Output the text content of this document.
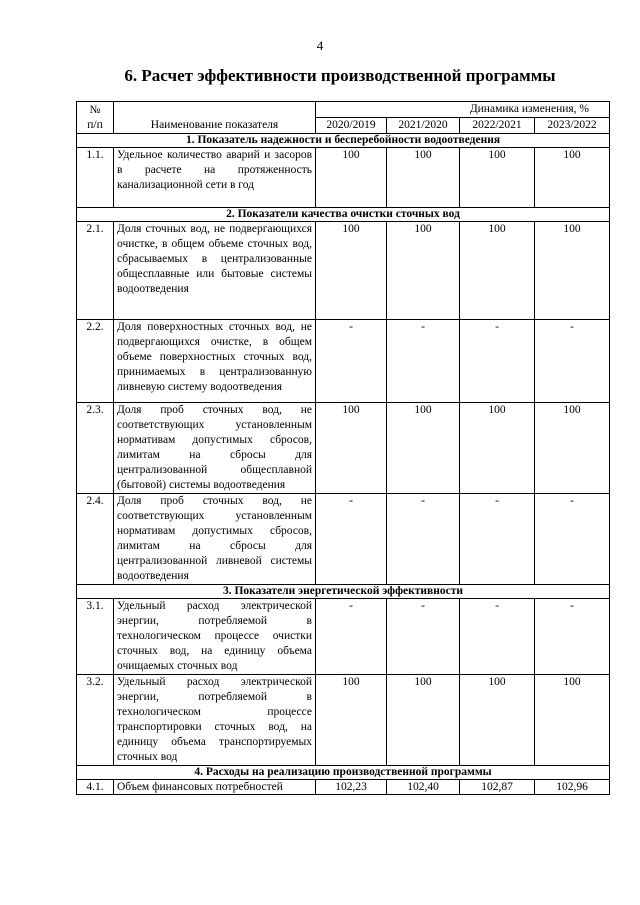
4
6. Расчет эффективности производственной программы
№
п/п	Наименование показателя	Динамика изменения, %			
		2020/2019	2021/2020	2022/2021	2023/2022
1. Показатель надежности и бесперебойности водоотведения					
1.1.	Удельное количество аварий и засоров в расчете на протяженность канализационной сети в год	100	100	100	100
2. Показатели качества очистки сточных вод					
2.1.	Доля сточных вод, не подвергающихся очистке, в общем объеме сточных вод, сбрасываемых в централизованные общесплавные или бытовые системы водоотведения	100	100	100	100
2.2.	Доля поверхностных сточных вод, не подвергающихся очистке, в общем объеме поверхностных сточных вод, принимаемых в централизованную ливневую систему водоотведения	-	-	-	-
2.3.	Доля проб сточных вод, не соответствующих установленным нормативам допустимых сбросов, лимитам на сбросы для централизованной общесплавной (бытовой) системы водоотведения	100	100	100	100
2.4.	Доля проб сточных вод, не соответствующих установленным нормативам допустимых сбросов, лимитам на сбросы для централизованной ливневой системы водоотведения	-	-	-	-
3. Показатели энергетической эффективности					
3.1.	Удельный расход электрической энергии, потребляемой в технологическом процессе очистки сточных вод, на единицу объема очищаемых сточных вод	-	-	-	-
3.2.	Удельный расход электрической энергии, потребляемой в технологическом процессе транспортировки сточных вод, на единицу объема транспортируемых сточных вод	100	100	100	100
4. Расходы на реализацию производственной программы					
4.1.	Объем финансовых потребностей	102,23	102,40	102,87	102,96
